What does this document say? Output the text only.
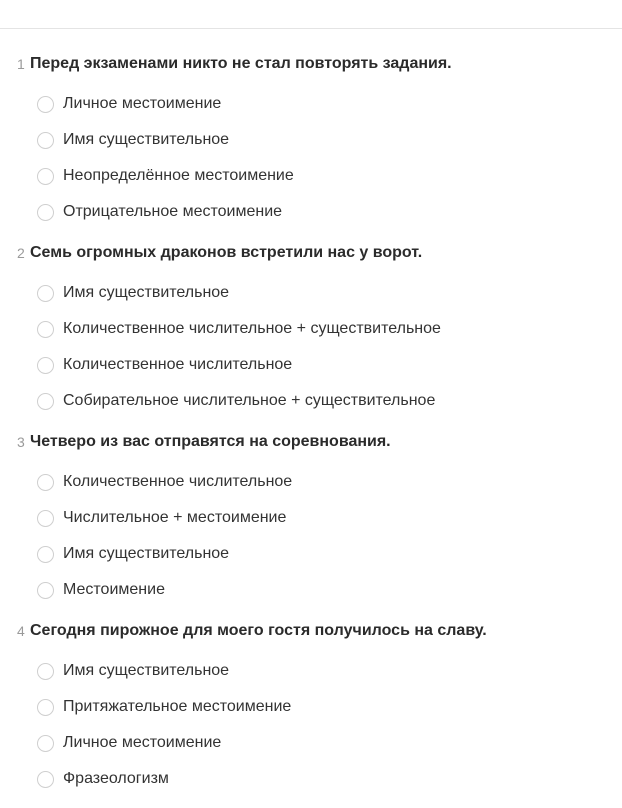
1 Перед экзаменами никто не стал повторять задания.
Личное местоимение
Имя существительное
Неопределённое местоимение
Отрицательное местоимение
2 Семь огромных драконов встретили нас у ворот.
Имя существительное
Количественное числительное + существительное
Количественное числительное
Собирательное числительное + существительное
3 Четверо из вас отправятся на соревнования.
Количественное числительное
Числительное + местоимение
Имя существительное
Местоимение
4 Сегодня пирожное для моего гостя получилось на славу.
Имя существительное
Притяжательное местоимение
Личное местоимение
Фразеологизм
